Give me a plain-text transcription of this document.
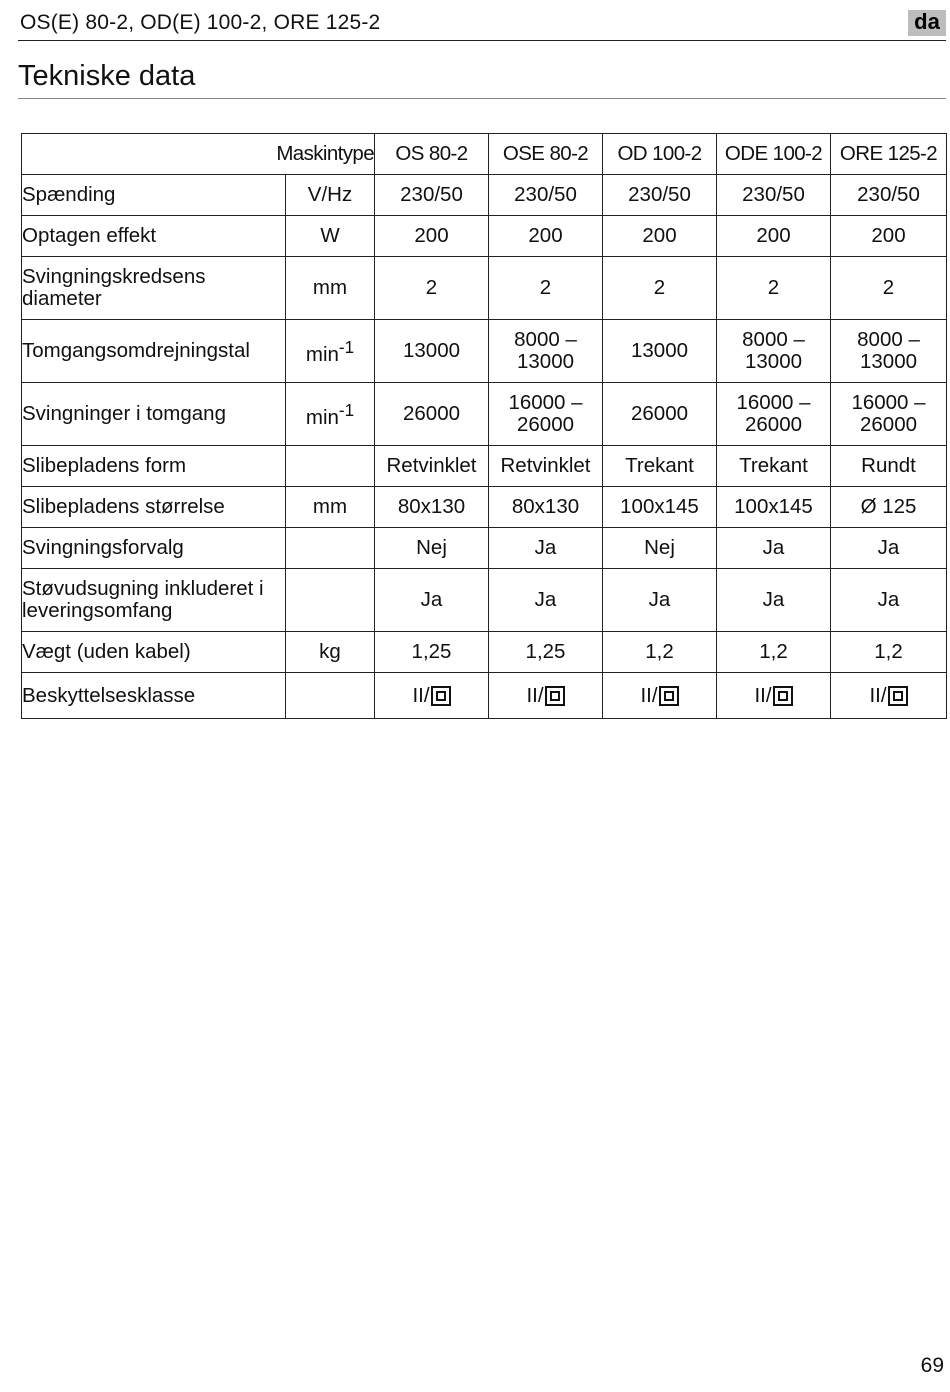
OS(E) 80-2, OD(E) 100-2, ORE 125-2	da
Tekniske data
Maskintype		OS 80-2	OSE 80-2	OD 100-2	ODE 100-2	ORE 125-2
Spænding	V/Hz	230/50	230/50	230/50	230/50	230/50
Optagen effekt	W	200	200	200	200	200
Svingningskredsens diameter	mm	2	2	2	2	2
Tomgangsomdrejningstal	$\min^{-1}$	13000	8000 – 13000	13000	8000 – 13000	8000 – 13000
Svingninger i tomgang	$\min^{-1}$	26000	16000 – 26000	26000	16000 – 26000	16000 – 26000
Slibepladens form		Retvinklet	Retvinklet	Trekant	Trekant	Rundt
Slibepladens størrelse	mm	80x130	80x130	100x145	100x145	Ø 125
Svingningsforvalg		Nej	Ja	Nej	Ja	Ja
Støvudsugning inkluderet i leveringsomfang		Ja	Ja	Ja	Ja	Ja
Vægt (uden kabel)	kg	1,25	1,25	1,2	1,2	1,2
Beskyttelsesklasse		II/	II/	II/	II/	II/
69
